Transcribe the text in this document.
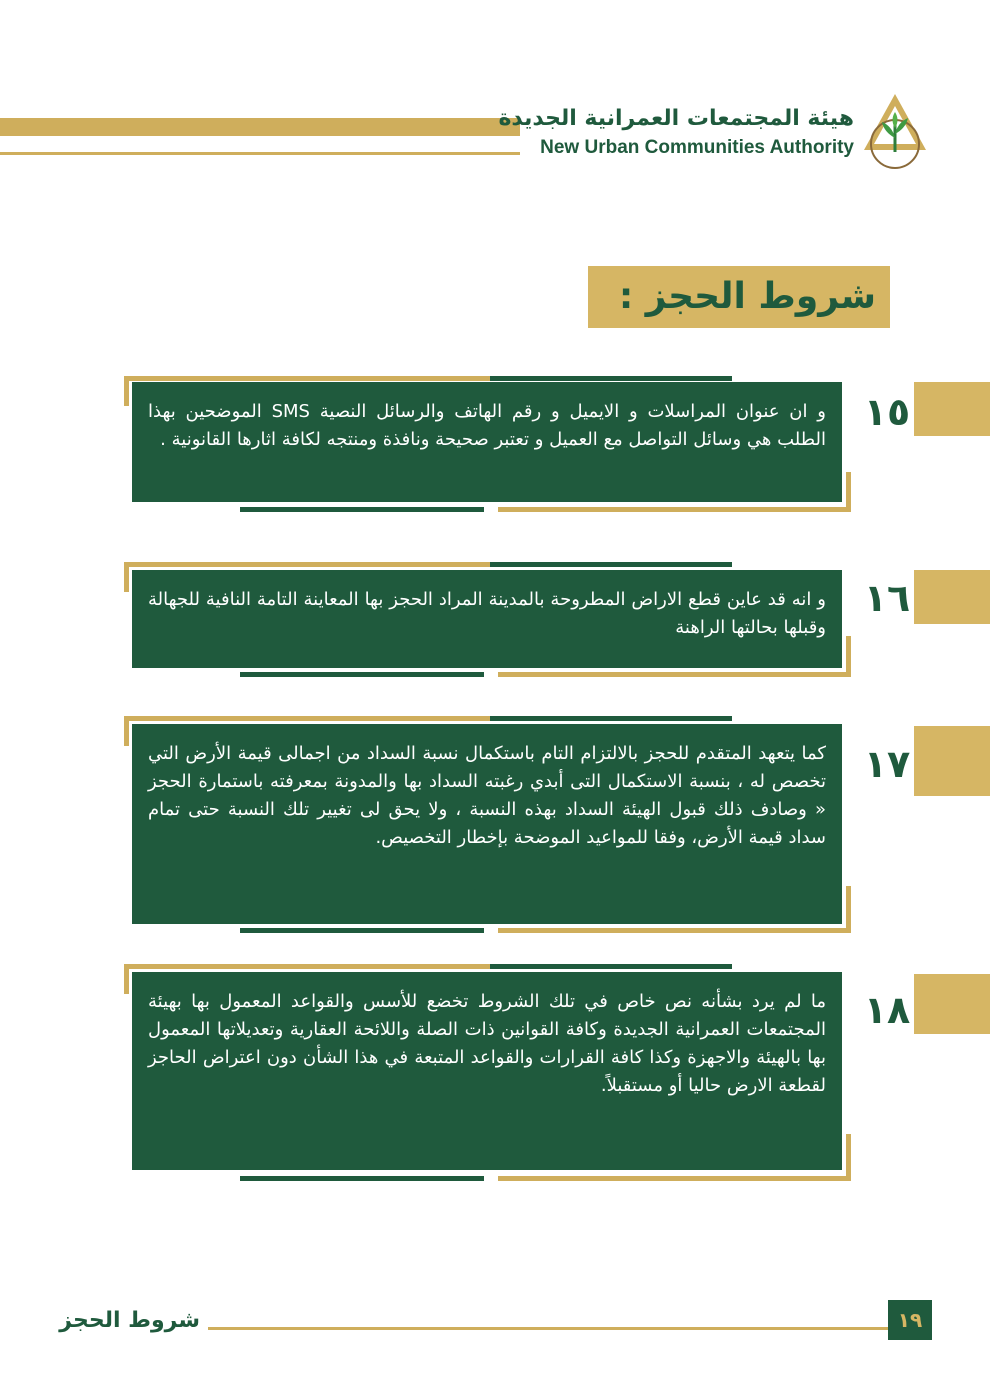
هيئة المجتمعات العمرانية الجديدة
New Urban Communities Authority
شروط الحجز :
و ان عنوان المراسلات و الايميل و رقم الهاتف والرسائل النصية SMS الموضحين بهذا الطلب هي وسائل التواصل مع العميل و تعتبر صحيحة ونافذة ومنتجه لكافة اثارها القانونية .
١٥
و انه قد عاين قطع الاراض المطروحة بالمدينة المراد الحجز بها المعاينة التامة النافية للجهالة وقبلها بحالتها الراهنة
١٦
كما يتعهد المتقدم للحجز بالالتزام التام باستكمال نسبة السداد من اجمالى قيمة الأرض التي تخصص له ، بنسبة الاستكمال التى أبدي رغبته السداد بها والمدونة بمعرفته باستمارة الحجز « وصادف ذلك قبول الهيئة السداد بهذه النسبة ، ولا يحق لى تغيير تلك النسبة حتى تمام سداد قيمة الأرض، وفقا للمواعيد الموضحة بإخطار التخصيص.
١٧
ما لم يرد بشأنه نص خاص في تلك الشروط تخضع للأسس والقواعد المعمول بها بهيئة المجتمعات العمرانية الجديدة وكافة القوانين ذات الصلة واللائحة العقارية وتعديلاتها المعمول بها بالهيئة والاجهزة وكذا كافة القرارات والقواعد المتبعة في هذا الشأن دون اعتراض الحاجز لقطعة الارض حاليا أو مستقبلاً.
١٨
شروط الحجز	١٩
